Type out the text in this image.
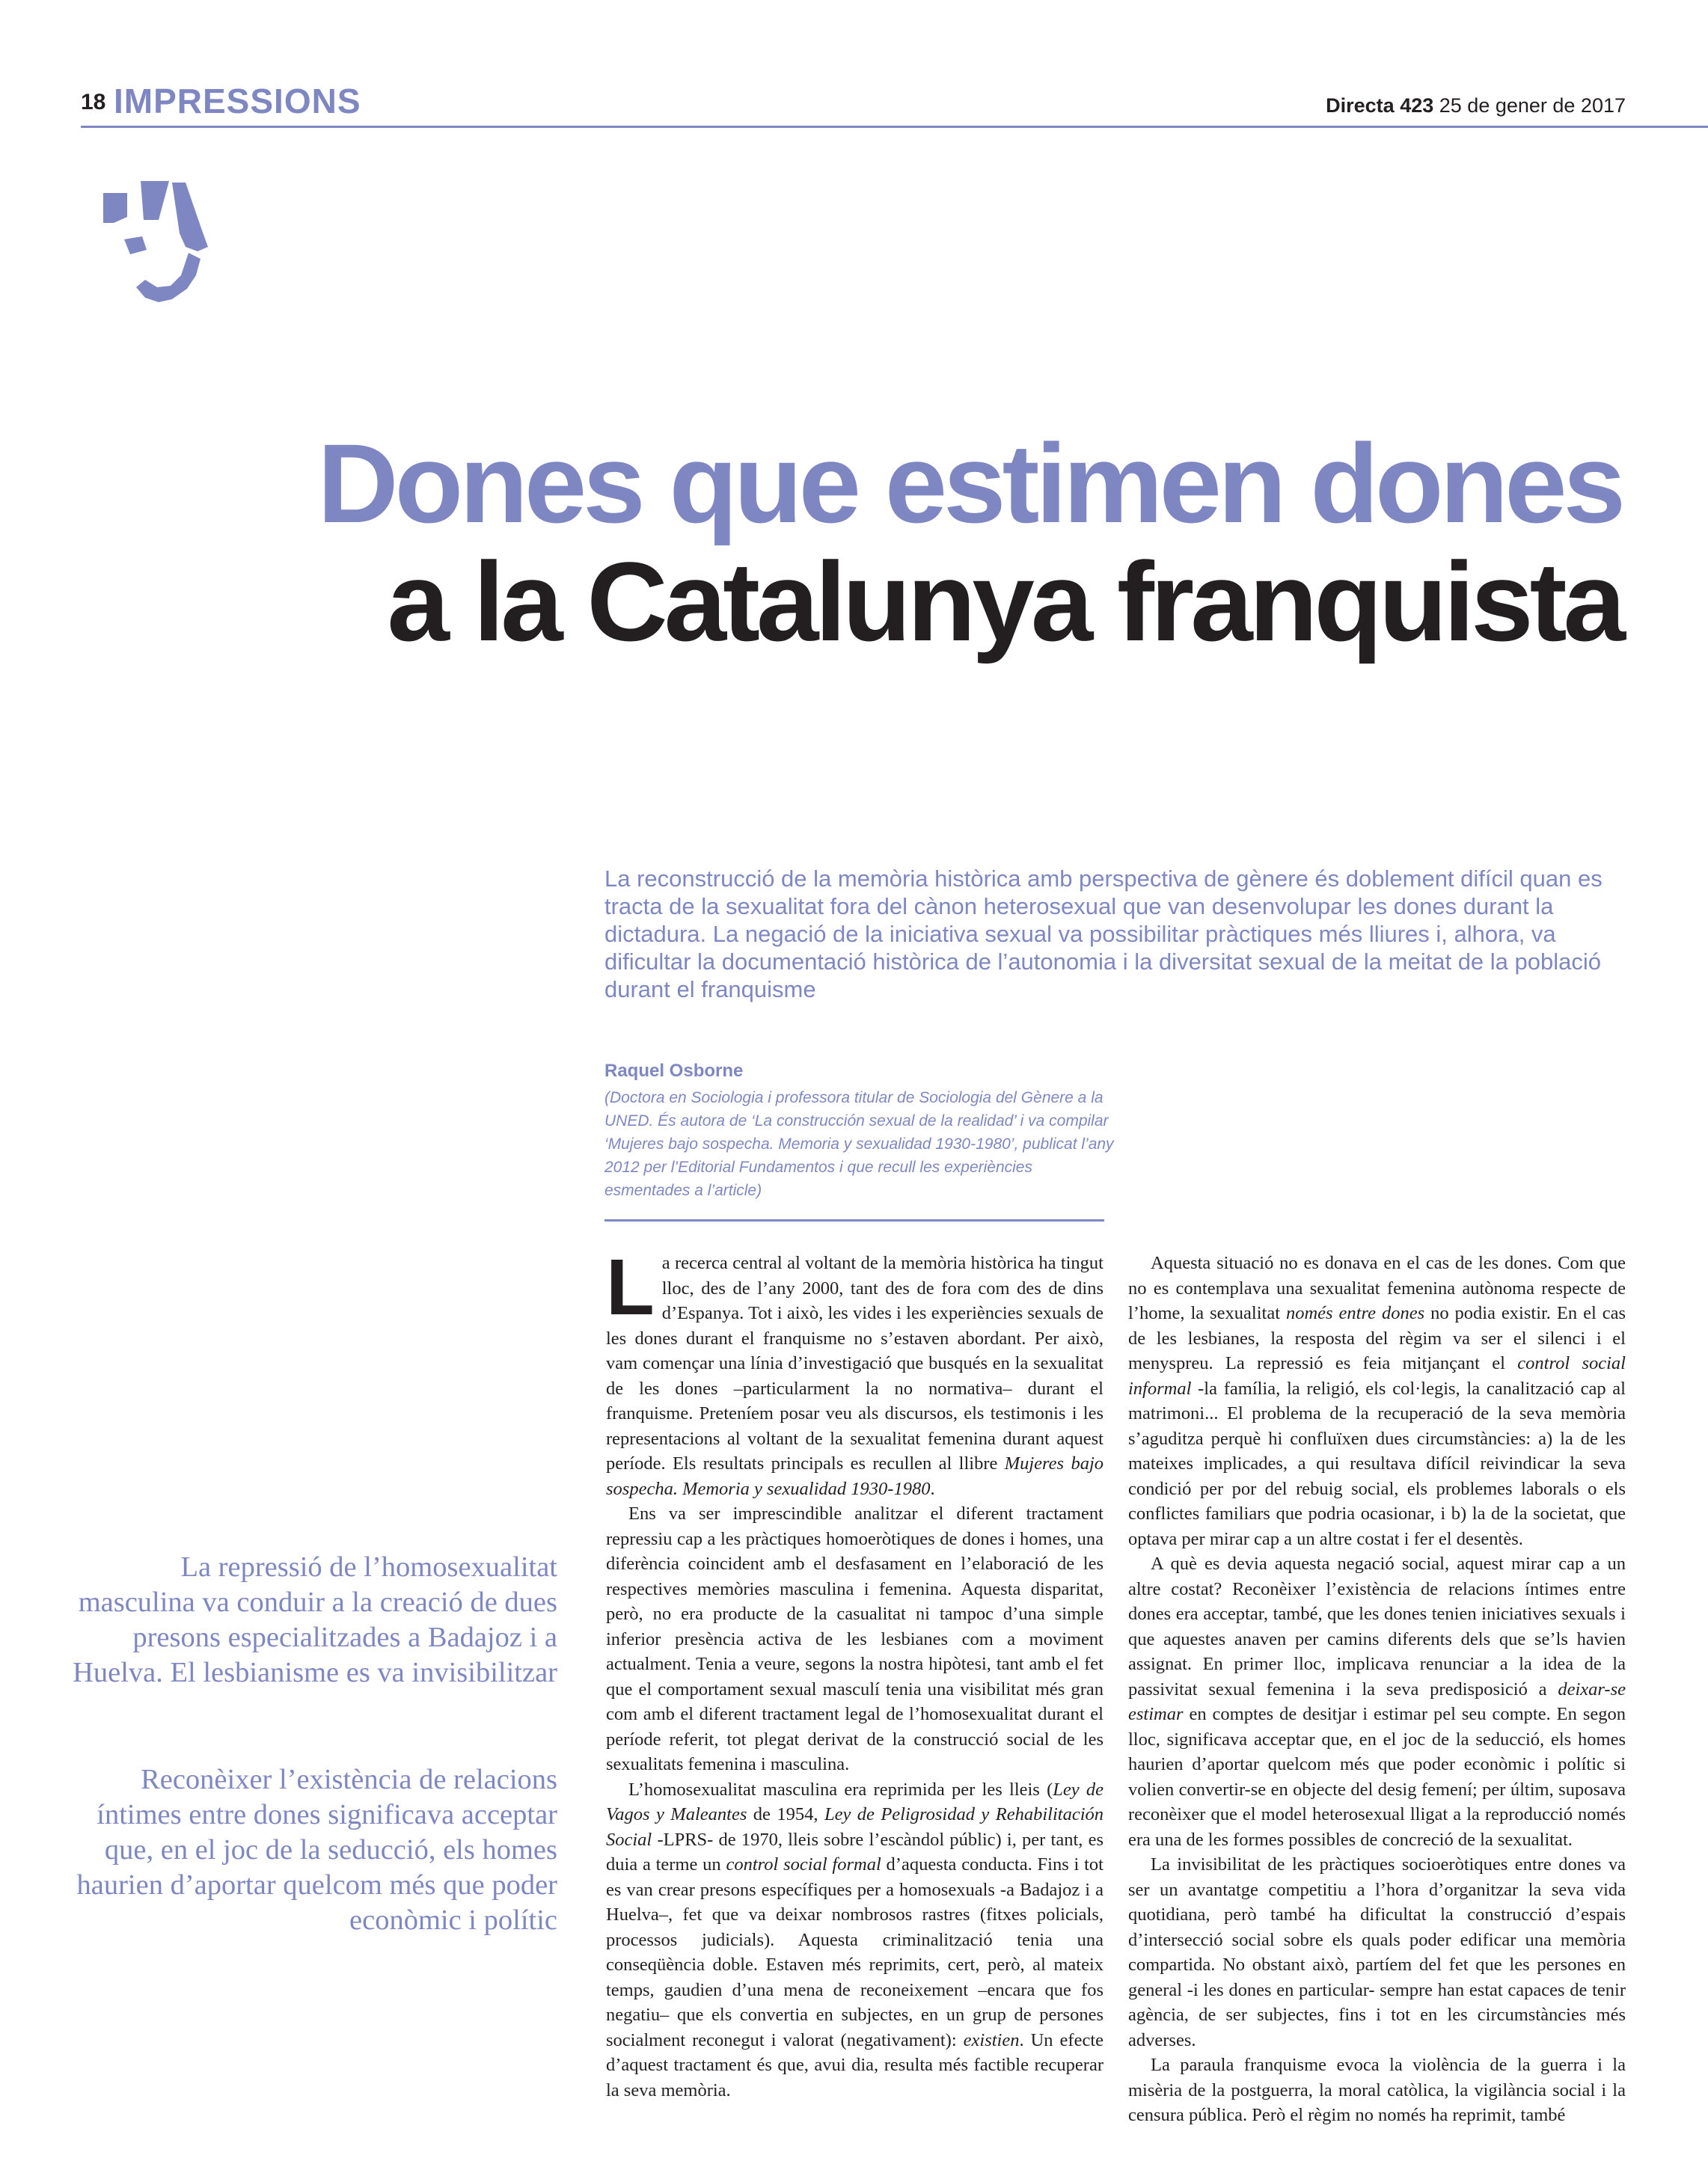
18 IMPRESSIONS	Directa 423 25 de gener de 2017
Dones que estimen dones
a la Catalunya franquista
La reconstrucció de la memòria històrica amb perspectiva de gènere és doblement difícil quan es tracta de la sexualitat fora del cànon heterosexual que van desenvolupar les dones durant la dictadura. La negació de la iniciativa sexual va possibilitar pràctiques més lliures i, alhora, va dificultar la documentació històrica de l’autonomia i la diversitat sexual de la meitat de la població durant el franquisme
Raquel Osborne
(Doctora en Sociologia i professora titular de Sociologia del Gènere a la UNED. És autora de ‘La construcción sexual de la realidad’ i va compilar ‘Mujeres bajo sospecha. Memoria y sexualidad 1930-1980’, publicat l’any 2012 per l’Editorial Fundamentos i que recull les experiències esmentades a l’article)
La repressió de l’homosexualitat masculina va conduir a la creació de dues presons especialitzades a Badajoz i a Huelva. El lesbianisme es va invisibilitzar
Reconèixer l’existència de relacions íntimes entre dones significava acceptar que, en el joc de la seducció, els homes haurien d’aportar quelcom més que poder econòmic i polític

La recerca central al voltant de la memòria històrica ha tingut lloc, des de l’any 2000, tant des de fora com des de dins d’Espanya. Tot i això, les vides i les experiències sexuals de les dones durant el franquisme no s’estaven abordant. Per això, vam començar una línia d’investigació que busqués en la sexualitat de les dones –particularment la no normativa– durant el franquisme. Preteníem posar veu als discursos, els testimonis i les representacions al voltant de la sexualitat femenina durant aquest període. Els resultats principals es recullen al llibre Mujeres bajo sospecha. Memoria y sexualidad 1930-1980.

Ens va ser imprescindible analitzar el diferent tractament repressiu cap a les pràctiques homoeròtiques de dones i homes, una diferència coincident amb el desfasament en l’elaboració de les respectives memòries masculina i femenina. Aquesta disparitat, però, no era producte de la casualitat ni tampoc d’una simple inferior presència activa de les lesbianes com a moviment actualment. Tenia a veure, segons la nostra hipòtesi, tant amb el fet que el comportament sexual masculí tenia una visibilitat més gran com amb el diferent tractament legal de l’homosexualitat durant el període referit, tot plegat derivat de la construcció social de les sexualitats femenina i masculina.

L’homosexualitat masculina era reprimida per les lleis (Ley de Vagos y Maleantes de 1954, Ley de Peligrosidad y Rehabilitación Social -LPRS- de 1970, lleis sobre l’escàndol públic) i, per tant, es duia a terme un control social formal d’aquesta conducta. Fins i tot es van crear presons específiques per a homosexuals -a Badajoz i a Huelva–, fet que va deixar nombrosos rastres (fitxes policials, processos judicials). Aquesta criminalització tenia una conseqüència doble. Estaven més reprimits, cert, però, al mateix temps, gaudien d’una mena de reconeixement –encara que fos negatiu– que els convertia en subjectes, en un grup de persones socialment reconegut i valorat (negativament): existien. Un efecte d’aquest tractament és que, avui dia, resulta més factible recuperar la seva memòria.

Aquesta situació no es donava en el cas de les dones. Com que no es contemplava una sexualitat femenina autònoma respecte de l’home, la sexualitat només entre dones no podia existir. En el cas de les lesbianes, la resposta del règim va ser el silenci i el menyspreu. La repressió es feia mitjançant el control social informal -la família, la religió, els col·legis, la canalització cap al matrimoni... El problema de la recuperació de la seva memòria s’aguditza perquè hi confluïxen dues circumstàncies: a) la de les mateixes implicades, a qui resultava difícil reivindicar la seva condició per por del rebuig social, els problemes laborals o els conflictes familiars que podria ocasionar, i b) la de la societat, que optava per mirar cap a un altre costat i fer el desentès.

A què es devia aquesta negació social, aquest mirar cap a un altre costat? Reconèixer l’existència de relacions íntimes entre dones era acceptar, també, que les dones tenien iniciatives sexuals i que aquestes anaven per camins diferents dels que se’ls havien assignat. En primer lloc, implicava renunciar a la idea de la passivitat sexual femenina i la seva predisposició a deixar-se estimar en comptes de desitjar i estimar pel seu compte. En segon lloc, significava acceptar que, en el joc de la seducció, els homes haurien d’aportar quelcom més que poder econòmic i polític si volien convertir-se en objecte del desig femení; per últim, suposava reconèixer que el model heterosexual lligat a la reproducció només era una de les formes possibles de concreció de la sexualitat.

La invisibilitat de les pràctiques socioeròtiques entre dones va ser un avantatge competitiu a l’hora d’organitzar la seva vida quotidiana, però també ha dificultat la construcció d’espais d’intersecció social sobre els quals poder edificar una memòria compartida. No obstant això, partíem del fet que les persones en general -i les dones en particular- sempre han estat capaces de tenir agència, de ser subjectes, fins i tot en les circumstàncies més adverses.

La paraula franquisme evoca la violència de la guerra i la misèria de la postguerra, la moral catòlica, la vigilància social i la censura pública. Però el règim no només ha reprimit, també
